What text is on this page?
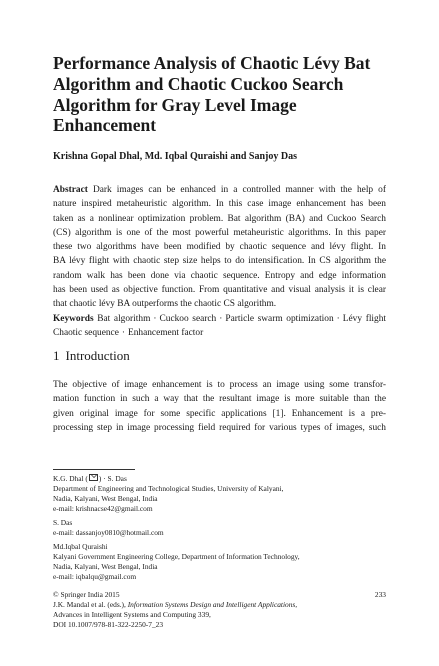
Performance Analysis of Chaotic Lévy Bat
Algorithm and Chaotic Cuckoo Search
Algorithm for Gray Level Image
Enhancement
Krishna Gopal Dhal, Md. Iqbal Quraishi and Sanjoy Das
Abstract Dark images can be enhanced in a controlled manner with the help of
nature inspired metaheuristic algorithm. In this case image enhancement has been
taken as a nonlinear optimization problem. Bat algorithm (BA) and Cuckoo Search
(CS) algorithm is one of the most powerful metaheuristic algorithms. In this paper
these two algorithms have been modified by chaotic sequence and lévy flight. In
BA lévy flight with chaotic step size helps to do intensification. In CS algorithm the
random walk has been done via chaotic sequence. Entropy and edge information
has been used as objective function. From quantitative and visual analysis it is clear
that chaotic lévy BA outperforms the chaotic CS algorithm.
Keywords Bat algorithm · Cuckoo search · Particle swarm optimization · Lévy flight
Chaotic sequence · Enhancement factor
1 Introduction
The objective of image enhancement is to process an image using some transfor-
mation function in such a way that the resultant image is more suitable than the
given original image for some specific applications [1]. Enhancement is a pre-
processing step in image processing field required for various types of images, such
K.G. Dhal ( ) · S. Das
Department of Engineering and Technological Studies, University of Kalyani,
Nadia, Kalyani, West Bengal, India
e-mail: krishnacse42@gmail.com
S. Das
e-mail: dassanjoy0810@hotmail.com
Md.Iqbal Quraishi
Kalyani Government Engineering College, Department of Information Technology,
Nadia, Kalyani, West Bengal, India
e-mail: iqbalqu@gmail.com
© Springer India 2015
J.K. Mandal et al. (eds.), Information Systems Design and Intelligent Applications,
Advances in Intelligent Systems and Computing 339,
DOI 10.1007/978-81-322-2250-7_23
233
